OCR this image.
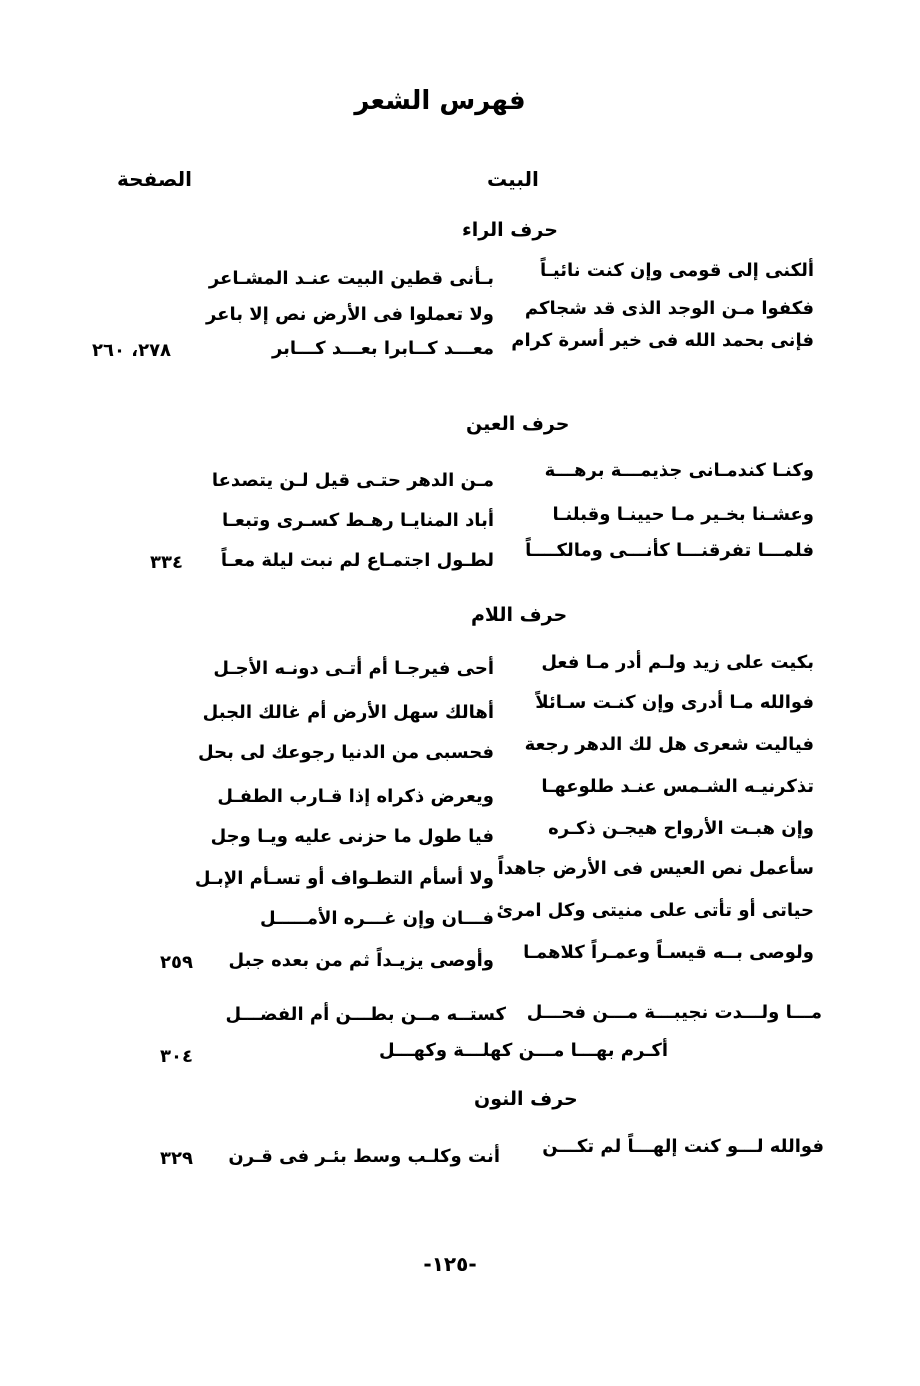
فهرس الشعر
البيت
الصفحة
حرف الراء
ألكنى إلى قومى وإن كنت نائيـاً
بـأنى قطين البيت عنـد المشـاعر
فكفوا مـن الوجد الذى قد شجاكم
ولا تعملوا فى الأرض نص إلا باعر
فإنى بحمد الله فى خير أسرة كرام
معـــد كــابرا بعـــد كـــابر
٢٧٨، ٢٦٠
حرف العين
وكنـا كندمـانى جذيمـــة برهـــة
مـن الدهر حتـى قيل لـن يتصدعا
وعشـنا بخـير مـا حيينـا وقبلنـا
أباد المنايـا رهـط كسـرى وتبعـا
فلمـــا تفرقنـــا كأنـــى ومالكــــاً
لطـول اجتمـاع لم نبت ليلة معـاً
٣٣٤
حرف اللام
بكيت على زيد ولـم أدر مـا فعل
أحى فيرجـا أم أتـى دونـه الأجـل
فوالله مـا أدرى وإن كنـت سـائلاً
أهالك سهل الأرض أم غالك الجبل
فياليت شعرى هل لك الدهر رجعة
فحسبى من الدنيا رجوعك لى بحل
تذكرنيـه الشـمس عنـد طلوعهـا
ويعرض ذكراه إذا قـارب الطفـل
وإن هبـت الأرواح هيجـن ذكـره
فيا طول ما حزنى عليه ويـا وجل
سأعمل نص العيس فى الأرض جاهداً
ولا أسأم التطـواف أو تسـأم الإبـل
حياتى أو تأتى على منيتى وكل امرئ
فـــان وإن غـــره الأمـــــل
ولوصى بــه قيسـاً وعمـراً كلاهمـا
وأوصى يزيـداً ثم من بعده جبل
٢٥٩
مـــا ولـــدت نجيبـــة مـــن فحـــل
كستــه مــن بطـــن أم الفضـــل
أكـرم بهـــا مـــن كهلـــة وكهـــل
٣٠٤
حرف النون
فوالله لـــو كنت إلهـــاً لم تكـــن
أنت وكلـب وسط بئـر فى قـرن
٣٢٩
-١٢٥-
